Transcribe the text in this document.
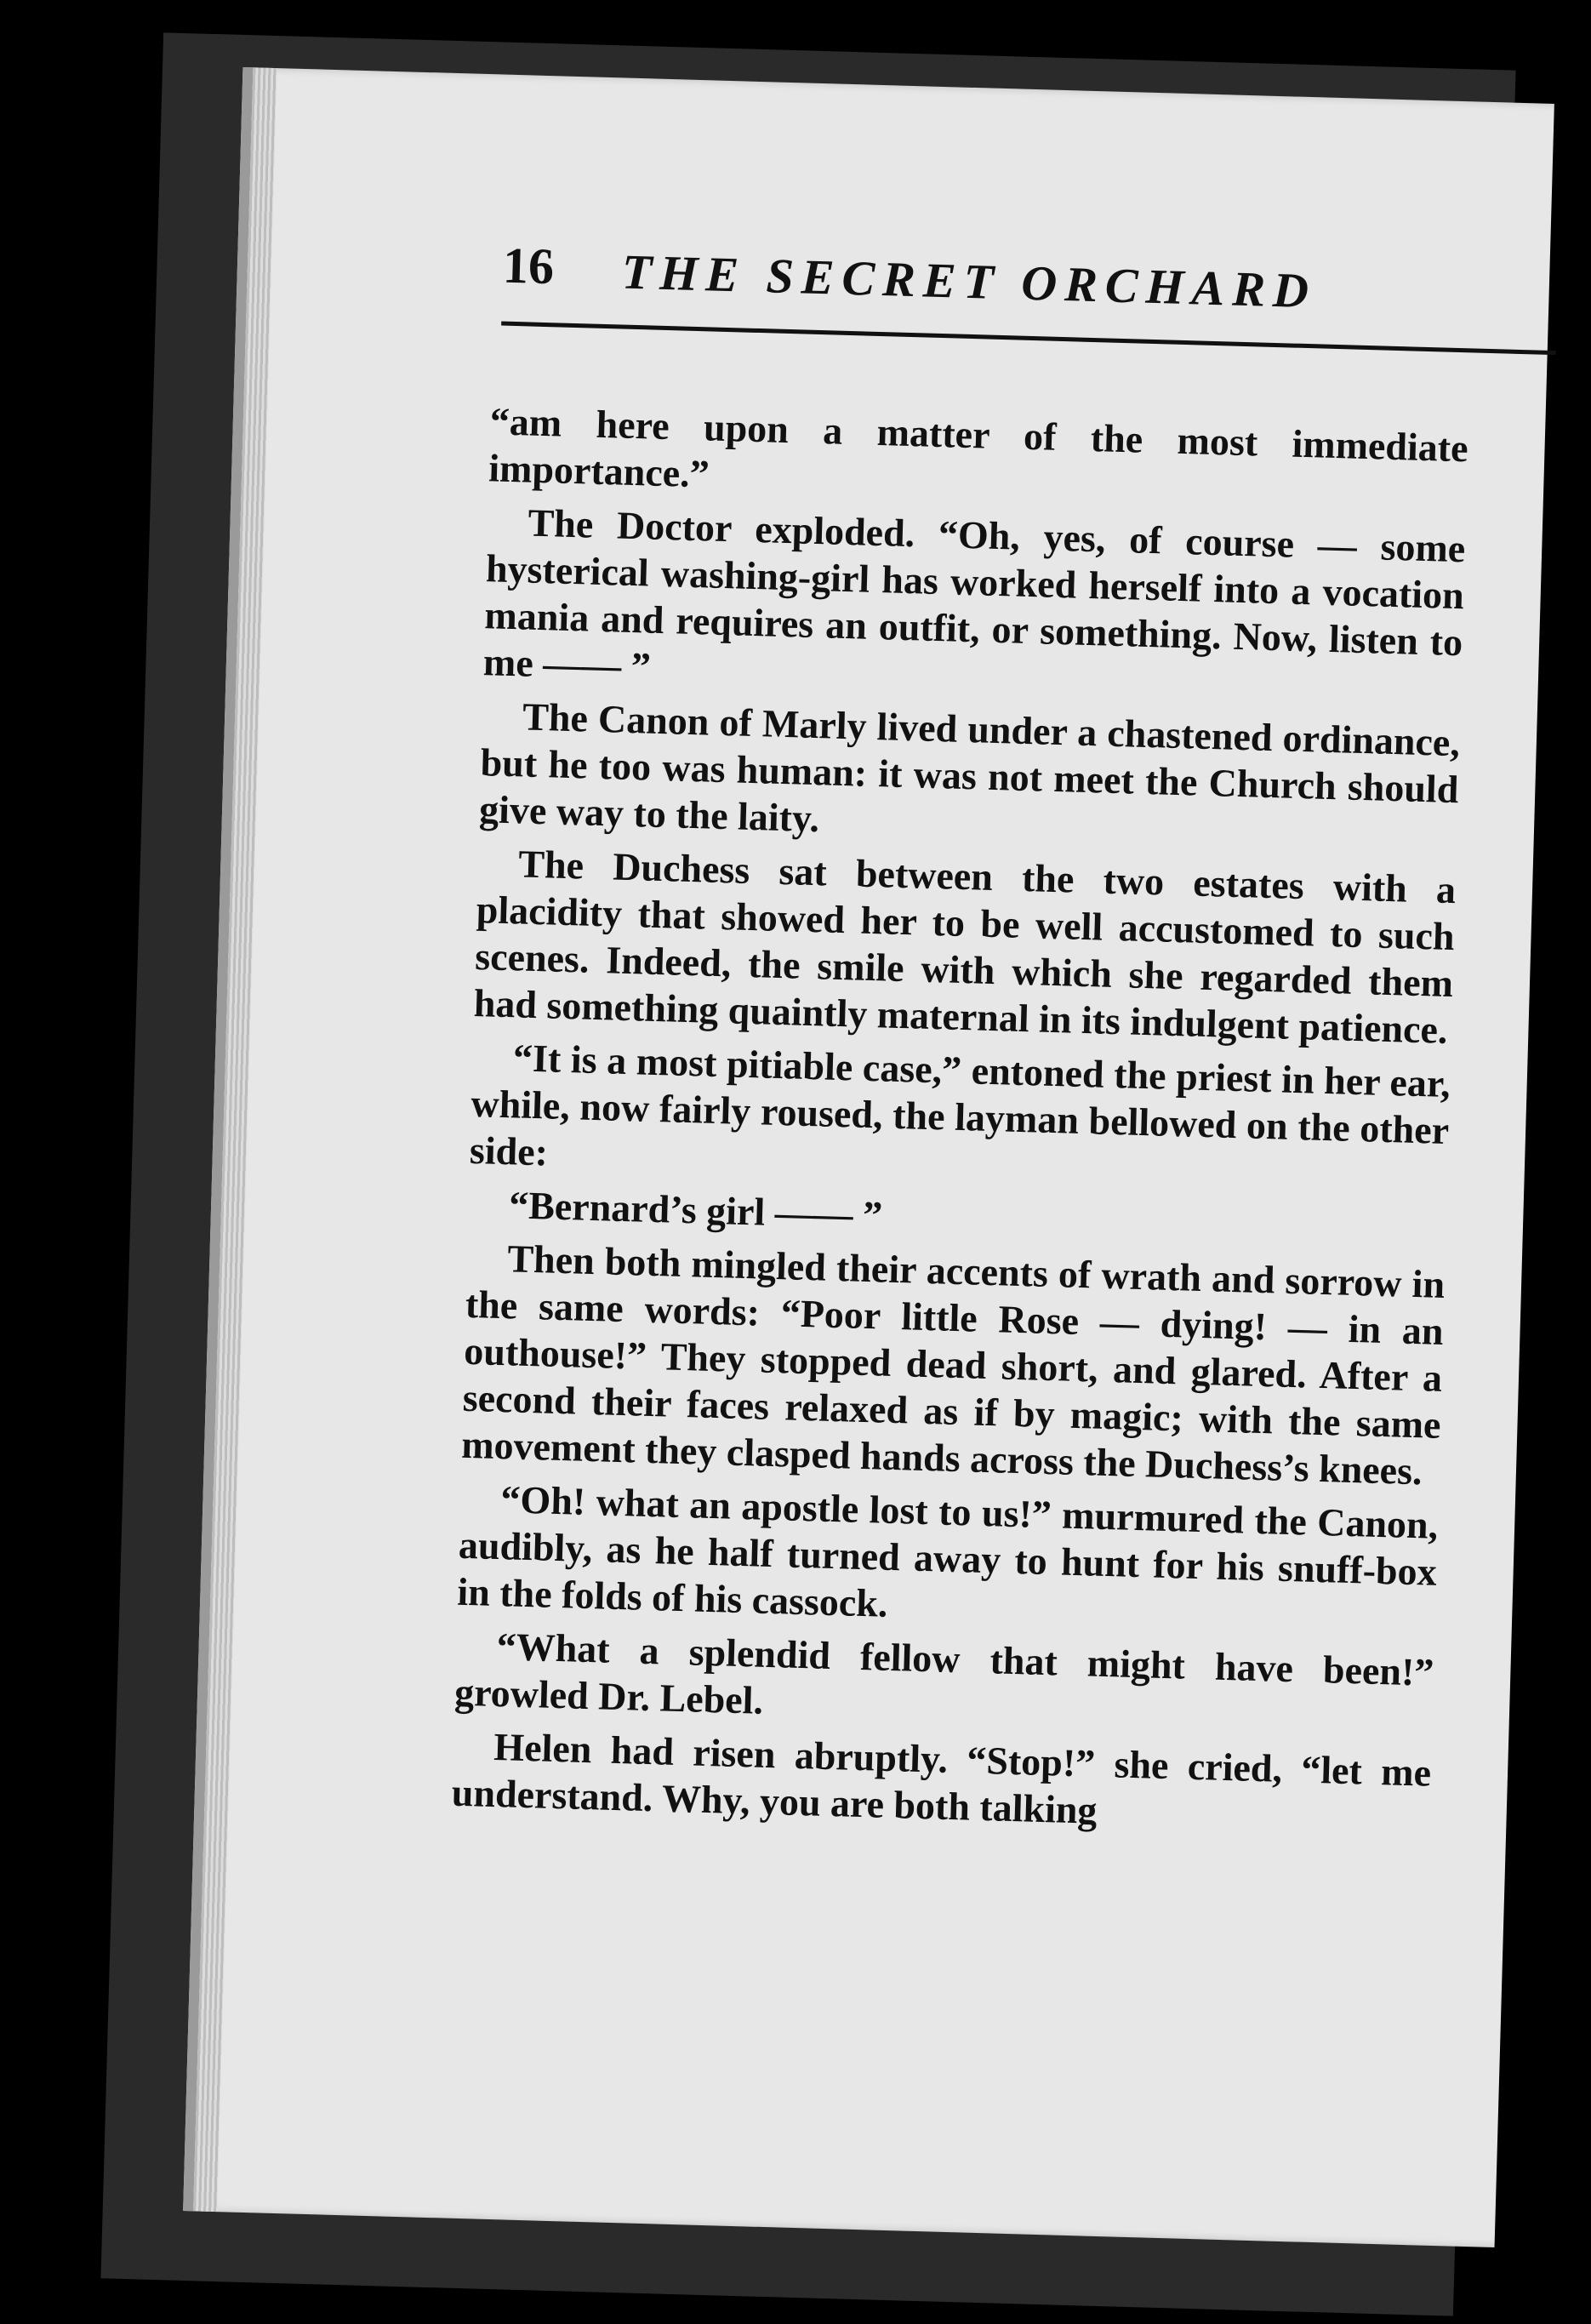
16 THE SECRET ORCHARD

“am here upon a matter of the most immediate importance.”

The Doctor exploded. “Oh, yes, of course — some hysterical washing-girl has worked herself into a vocation mania and requires an outfit, or something. Now, listen to me —— ”

The Canon of Marly lived under a chastened ordinance, but he too was human: it was not meet the Church should give way to the laity.

The Duchess sat between the two estates with a placidity that showed her to be well accustomed to such scenes. Indeed, the smile with which she regarded them had something quaintly maternal in its indulgent patience.

“It is a most pitiable case,” entoned the priest in her ear, while, now fairly roused, the layman bellowed on the other side:

“Bernard’s girl —— ”

Then both mingled their accents of wrath and sorrow in the same words: “Poor little Rose — dying! — in an outhouse!” They stopped dead short, and glared. After a second their faces relaxed as if by magic; with the same movement they clasped hands across the Duchess’s knees.

“Oh! what an apostle lost to us!” murmured the Canon, audibly, as he half turned away to hunt for his snuff-box in the folds of his cassock.

“What a splendid fellow that might have been!” growled Dr. Lebel.

Helen had risen abruptly. “Stop!” she cried, “let me understand. Why, you are both talking
